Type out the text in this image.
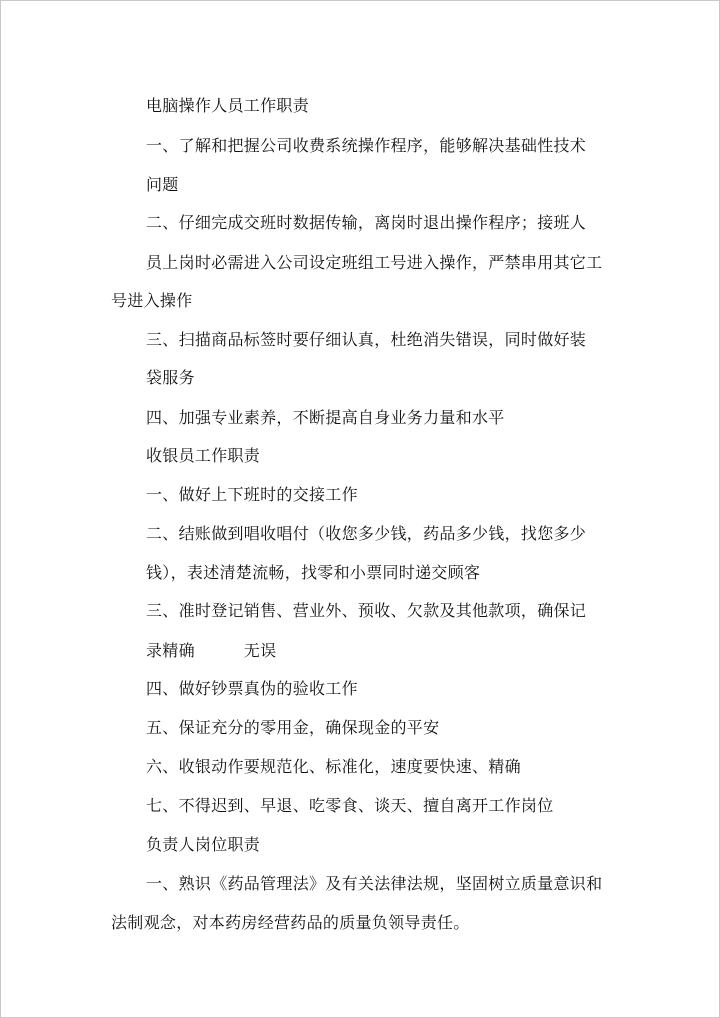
电脑操作人员工作职责
一、了解和把握公司收费系统操作程序，能够解决基础性技术
问题
二、仔细完成交班时数据传输，离岗时退出操作程序；接班人
员上岗时必需进入公司设定班组工号进入操作，严禁串用其它工
号进入操作
三、扫描商品标签时要仔细认真，杜绝消失错误，同时做好装
袋服务
四、加强专业素养，不断提高自身业务力量和水平
收银员工作职责
一、做好上下班时的交接工作
二、结账做到唱收唱付（收您多少钱，药品多少钱，找您多少
钱），表述清楚流畅，找零和小票同时递交顾客
三、准时登记销售、营业外、预收、欠款及其他款项，确保记
录精确　　　无误
四、做好钞票真伪的验收工作
五、保证充分的零用金，确保现金的平安
六、收银动作要规范化、标准化，速度要快速、精确
七、不得迟到、早退、吃零食、谈天、擅自离开工作岗位
负责人岗位职责
一、熟识《药品管理法》及有关法律法规，坚固树立质量意识和
法制观念，对本药房经营药品的质量负领导责任。
